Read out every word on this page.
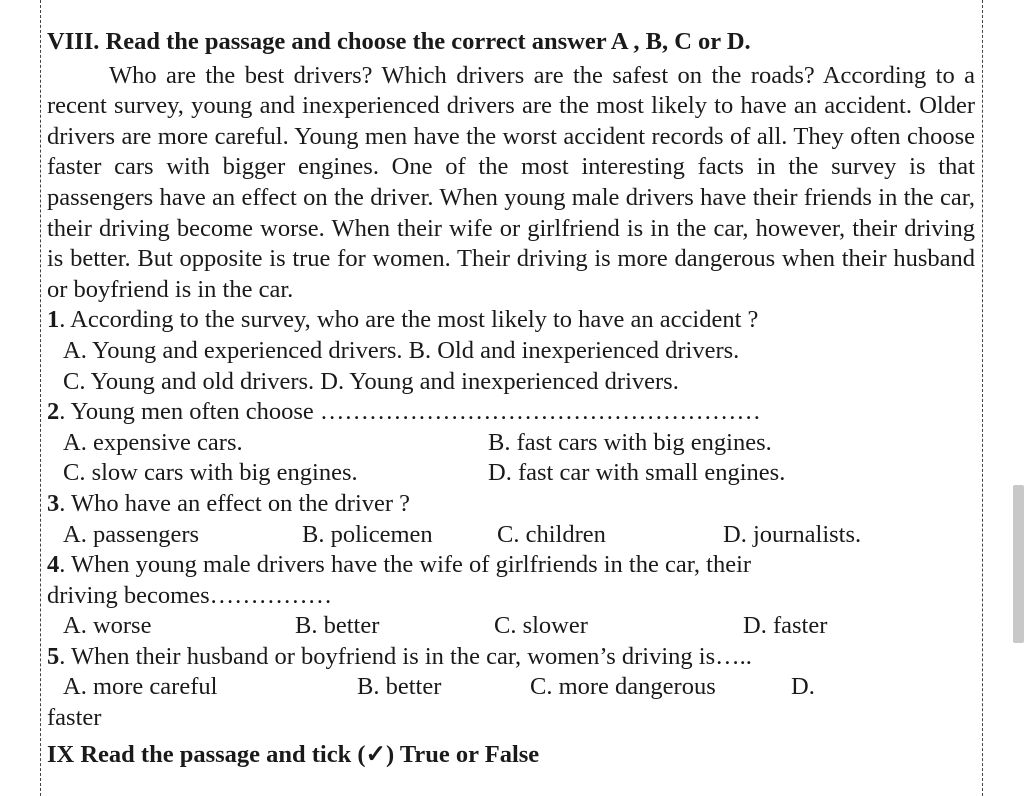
VIII. Read the passage and choose the correct answer A , B, C or D.

Who are the best drivers? Which drivers are the safest on the roads? According to a recent survey, young and inexperienced drivers are the most likely to have an accident. Older drivers are more careful. Young men have the worst accident records of all. They often choose faster cars with bigger engines. One of the most interesting facts in the survey is that passengers have an effect on the driver. When young male drivers have their friends in the car, their driving become worse. When their wife or girlfriend is in the car, however, their driving is better. But opposite is true for women. Their driving is more dangerous when their husband or boyfriend is in the car.

1. According to the survey, who are the most likely to have an accident ?
A. Young and experienced drivers. B. Old and inexperienced drivers.
C. Young and old drivers. D. Young and inexperienced drivers.
2. Young men often choose ………………………………………………
A. expensive cars.	B. fast cars with big engines.
C. slow cars with big engines.	D. fast car with small engines.
3. Who have an effect on the driver ?
A. passengers	B. policemen	C. children	D. journalists.
4. When young male drivers have the wife of girlfriends in the car, their
driving becomes……………
A. worse	B. better	C. slower	D. faster
5. When their husband or boyfriend is in the car, women’s driving is…..
A. more careful	B. better	C. more dangerous	D.
faster
IX Read the passage and tick (✓) True or False
